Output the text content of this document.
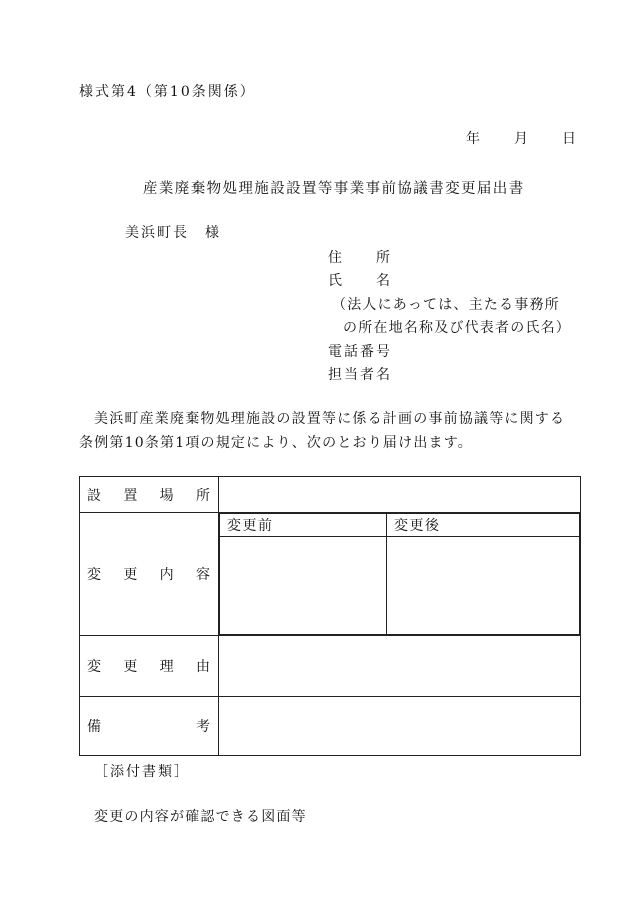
様式第4（第10条関係）
年 月 日
産業廃棄物処理施設設置等事業事前協議書変更届出書
美浜町長　様
住　　所
氏　　名
（法人にあっては、主たる事務所
の所在地名称及び代表者の氏名）
電話番号
担当者名
美浜町産業廃棄物処理施設の設置等に係る計画の事前協議等に関する
条例第10条第1項の規定により、次のとおり届け出ます。
設 置 場 所

変 更 内 容

変更前	変更後

変 更 理 由

備	考

［添付書類］
変更の内容が確認できる図面等
